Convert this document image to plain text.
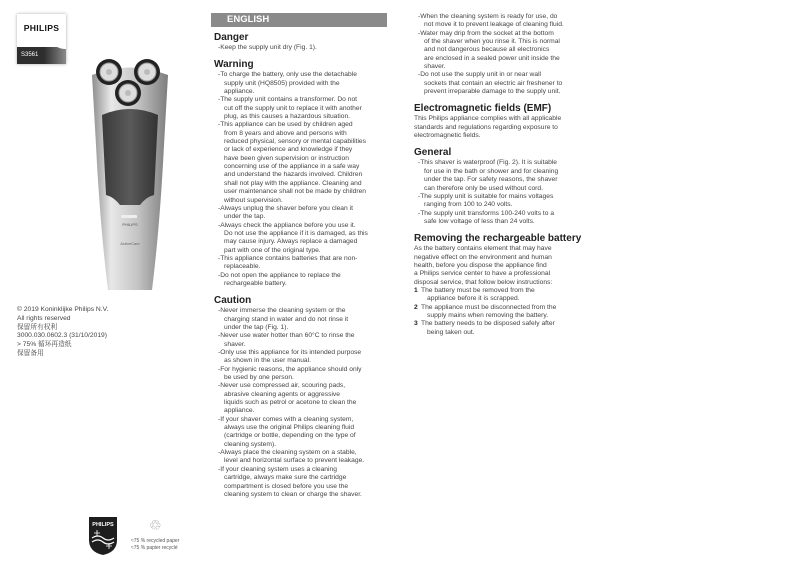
PHILIPS
S3561
PHILIPS
ActiveCare
© 2019 Koninklijke Philips N.V.
All rights reserved
保留所有权利
3000.030.0602.3 (31/10/2019)
> 75% 循环再造纸
保留备用
PHILIPS	♲
≈75 % recycled paper
≈75 % papier recyclé
ENGLISH
Danger
-Keep the supply unit dry (Fig. 1).
Warning
-To charge the battery, only use the detachable
supply unit (HQ8505) provided with the
appliance.
-The supply unit contains a transformer. Do not
cut off the supply unit to replace it with another
plug, as this causes a hazardous situation.
-This appliance can be used by children aged
from 8 years and above and persons with
reduced physical, sensory or mental capabilities
or lack of experience and knowledge if they
have been given supervision or instruction
concerning use of the appliance in a safe way
and understand the hazards involved. Children
shall not play with the appliance. Cleaning and
user maintenance shall not be made by children
without supervision.
-Always unplug the shaver before you clean it
under the tap.
-Always check the appliance before you use it.
Do not use the appliance if it is damaged, as this
may cause injury. Always replace a damaged
part with one of the original type.
-This appliance contains batteries that are non-
replaceable.
-Do not open the appliance to replace the
rechargeable battery.
Caution
-Never immerse the cleaning system or the
charging stand in water and do not rinse it
under the tap (Fig. 1).
-Never use water hotter than 60°C to rinse the
shaver.
-Only use this appliance for its intended purpose
as shown in the user manual.
-For hygienic reasons, the appliance should only
be used by one person.
-Never use compressed air, scouring pads,
abrasive cleaning agents or aggressive
liquids such as petrol or acetone to clean the
appliance.
-If your shaver comes with a cleaning system,
always use the original Philips cleaning fluid
(cartridge or bottle, depending on the type of
cleaning system).
-Always place the cleaning system on a stable,
level and horizontal surface to prevent leakage.
-If your cleaning system uses a cleaning
cartridge, always make sure the cartridge
compartment is closed before you use the
cleaning system to clean or charge the shaver.
-When the cleaning system is ready for use, do
not move it to prevent leakage of cleaning fluid.
-Water may drip from the socket at the bottom
of the shaver when you rinse it. This is normal
and not dangerous because all electronics
are enclosed in a sealed power unit inside the
shaver.
-Do not use the supply unit in or near wall
sockets that contain an electric air freshener to
prevent irreparable damage to the supply unit.
Electromagnetic fields (EMF)
This Philips appliance complies with all applicable
standards and regulations regarding exposure to
electromagnetic fields.
General
-This shaver is waterproof (Fig. 2). It is suitable
for use in the bath or shower and for cleaning
under the tap. For safety reasons, the shaver
can therefore only be used without cord.
-The supply unit is suitable for mains voltages
ranging from 100 to 240 volts.
-The supply unit transforms 100-240 volts to a
safe low voltage of less than 24 volts.
Removing the rechargeable battery
As the battery contains element that may have
negative effect on the environment and human
health, before you dispose the appliance find
a Philips service center to have a professional
disposal service, that follow below instructions:
1 The battery must be removed from the
appliance before it is scrapped.
2 The appliance must be disconnected from the
supply mains when removing the battery.
3 The battery needs to be disposed safely after
being taken out.
